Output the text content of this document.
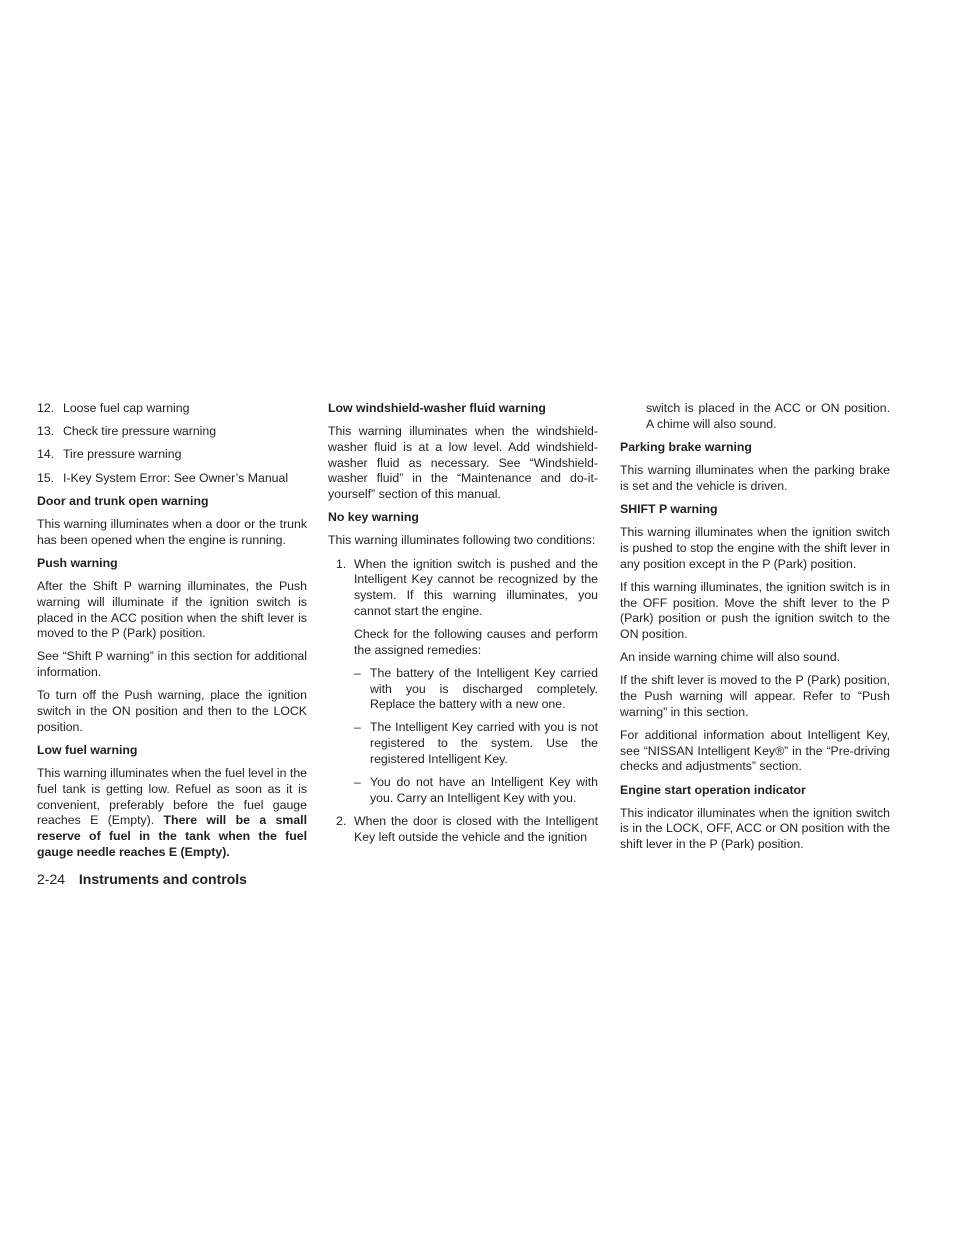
12. Loose fuel cap warning
13. Check tire pressure warning
14. Tire pressure warning
15. I-Key System Error: See Owner’s Manual
Door and trunk open warning

This warning illuminates when a door or the trunk has been opened when the engine is running.

Push warning

After the Shift P warning illuminates, the Push warning will illuminate if the ignition switch is placed in the ACC position when the shift lever is moved to the P (Park) position.

See “Shift P warning” in this section for additional information.

To turn off the Push warning, place the ignition switch in the ON position and then to the LOCK position.

Low fuel warning

This warning illuminates when the fuel level in the fuel tank is getting low. Refuel as soon as it is convenient, preferably before the fuel gauge reaches E (Empty). There will be a small reserve of fuel in the tank when the fuel gauge needle reaches E (Empty).

Low windshield-washer fluid warning

This warning illuminates when the windshield-washer fluid is at a low level. Add windshield-washer fluid as necessary. See “Windshield-washer fluid” in the “Maintenance and do-it-yourself” section of this manual.

No key warning

This warning illuminates following two conditions:

1. When the ignition switch is pushed and the Intelligent Key cannot be recognized by the system. If this warning illuminates, you cannot start the engine.

Check for the following causes and perform the assigned remedies:

– The battery of the Intelligent Key carried with you is discharged completely. Replace the battery with a new one.
– The Intelligent Key carried with you is not registered to the system. Use the registered Intelligent Key.
– You do not have an Intelligent Key with you. Carry an Intelligent Key with you.
2. When the door is closed with the Intelligent Key left outside the vehicle and the ignition

switch is placed in the ACC or ON position. A chime will also sound.

Parking brake warning

This warning illuminates when the parking brake is set and the vehicle is driven.

SHIFT P warning

This warning illuminates when the ignition switch is pushed to stop the engine with the shift lever in any position except in the P (Park) position.

If this warning illuminates, the ignition switch is in the OFF position. Move the shift lever to the P (Park) position or push the ignition switch to the ON position.

An inside warning chime will also sound.

If the shift lever is moved to the P (Park) position, the Push warning will appear. Refer to “Push warning” in this section.

For additional information about Intelligent Key, see “NISSAN Intelligent Key®” in the “Pre-driving checks and adjustments” section.

Engine start operation indicator

This indicator illuminates when the ignition switch is in the LOCK, OFF, ACC or ON position with the shift lever in the P (Park) position.

2-24 Instruments and controls
